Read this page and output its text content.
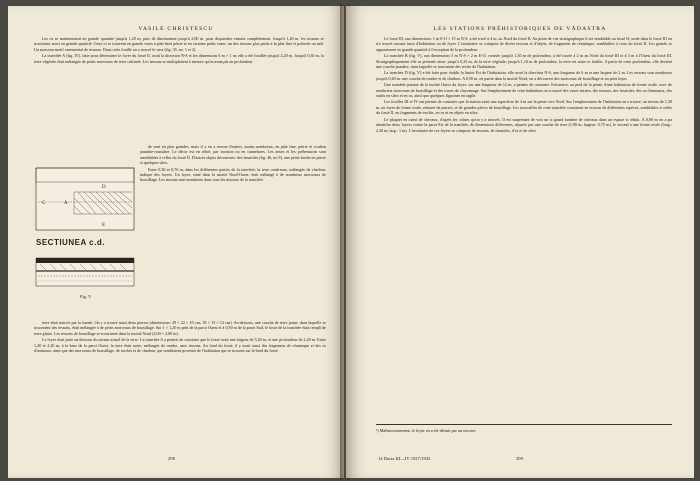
VASILE CHRISTESCU

Les os se maintenaient en grande quantité jusqu'à 1,20 m, puis ils diminuaient jusqu'à 2,00 m, pour disparaître ensuite complètement. Jusqu'à 1,20 m, les tessons se trouvaient aussi en grande quantité. Ceux-ci se trouvent en grands vases à pâte bien pétrie et en certaine petits vases, un des tessons plus petits à la pâte fine et polissée ou mât. Un nouveau motif ornemental de tessons. Dans cette fouille on a trouvé le vase (fig. 35, no. 1 et 2).

La tranchée A (fig. IV), faite pour déterminer le foyer du fossé II, avait la direction N-S et les dimensions 6 m × 1 m; elle a été fouillée jusqu'à 2,20 m. Jusqu'à 0,30 m, la terre végétale était mélangée de petits morceaux de terre calcinée. Les tessons se multipliaient à mesure qu'on avançait en profondeur.

C	A
D
E
SECTIUNEA c.d.
Fig. V.

de sont en plus grandes, mais il y en a encore d'autres, moins nombreux, en pâte fine, pétrie et couleur jaunâtre-roussâtre. Le décor est en relief, par incision ou en cannelures. Les anses et les préhensions sont semblables à celles du fossé II. D'autres objets découverts: des fusaïoles (fig. 46, no 9), une petite hache en pierre et quelques silex.

Entre 0,50 et 0,70 m, dans les différentes parties de la tranchée, la terre cendreuse, mélangée de charbon, indique des foyers. Un foyer, situé dans la moitié Nord-Ouest, était mélangé à de nombreux morceaux de bousillage. Les tessons sont nombreux dans tous les niveaux de la tranchée.

terre était noircie par la fumée. On y a trouvé aussi deux pierres (dimensions: 29 × 22 × 10 cm; 18 × 13 × 12 cm). Au-dessous, une couche de terre jaune, dans laquelle se trouvaient des tessons, était mélangée à de petits morceaux de bousillage. Sur 1 × 1,20 m près de la paroi Ouest et à 0,50 m de la paroi Sud, le fossé de la tranchée était rempli de terre glaise. Les tessons de bousillage se trouvaient dans la moitié Nord (2,00 × 2,00 m).

Le foyer était juste au-dessous du niveau actuel de la terre. La tranchée A a permis de constater que le fossé avait une largeur de 5,20 m, et une profondeur de 2,20 m. Entre 1,20 et 2,20 m, à la base de la paroi Ouest, la terre était noire, mélangée de cendre, sans tessons. Au fond du fossé, il y avait aussi des fragments de céramique et des os d'animaux, ainsi que des morceaux de bousillage, de torchis et de charbon, qui semblaient provenir de l'habitation qui se trouvait sur le bord du fossé.

298
LES STATIONS PRÉHISTORIQUES DE VĂDASTRA

Le fossé III, aux dimensions: 1 m E-O × 15 m N-S, a été tracé à 4 m, au Nord du fossé II. Au point de vue stratigraphique il est semblable au fossé II; seule dans le fossé III on n'a trouvé aucune trace d'habitation ou de foyer. L'inventaire se compose de divers tessons et d'objets, de fragments de céramique, semblables à ceux du fossé II. Les grands os apparaissent en grande quantité à l'exception de la profondeur.

La tranchée B (fig. V), aux dimensions 5 m N-S × 2 m E-O, creusée jusqu'à 1,30 m de profondeur, a été tracée à 2 m au Nord du fossé III et à 3 m à l'Ouest du fossé III. Stratigraphiquement elle se présente ainsi: jusqu'à 0,25 m, de la terre végétale; jusqu'à 1,10 m de profondeur, la terre est noire et friable. A partir de cette profondeur, elle devient une couche jaunâtre, dans laquelle se trouvaient des restes de l'habitation.

La tranchée D (fig. V) a été faite pour établir la limite Est de l'habitation; elle avait la direction N-S, une longueur de 6 m et une largeur de 2 m. Les tessons sont nombreux jusqu'à 0,40 m: une couche de cendre et de charbon. A 0,50 m, en partie dans la moitié Nord, on a découvert des morceaux de bousillage et un petit foyer.

Une tranchée partant de la moitié Ouest du foyer, sur une longueur de 12 m, a permis de constater l'existence, au pied de la pente, d'une habitation de forme ovale, avec de nombreux morceaux de bousillage et des traces de clayonnage. Sur l'emplacement de cette habitation on a trouvé des vases entiers, des tessons, des fusaïoles, des os d'animaux, des outils en silex et en os, ainsi que quelques figurines en argile.

Les fouilles III et IV ont permis de constater que la station avait une superficie de 4 m sur la pente vers Nord. Sur l'emplacement de l'habitation on a trouvé, au niveau de 1,30 m, un foyer de forme ovale, entouré de pierres, et de grandes pièces de bousillage. Les trouvailles de cette tranchée consistent en tessons de différentes espèces, semblables à celles du fossé II, en fragments de torchis, en os et en objets en silex.

Le plaquet en ouest de chevaux, d'après les crânes qu'on y a trouvés. Il est surprenant de voir un si grand nombre de chevaux dans un espace si réduit. A 0,60 m on a pu identifier deux foyers contre la paroi Est de la tranchée, de dimensions différentes, séparés par une couche de terre (1,90 m; largeur: 0,75 m), le second a une forme ovale (long.: 2,30 m; larg.: 1 m). L'inventaire de ces foyers se compose de tessons, de fusaïoles, d'os et de silex.

¹) Malheureusement, le foyer en a été détruit par un ouvrier.
14 Dacia III—IV 1927/1932.	299
